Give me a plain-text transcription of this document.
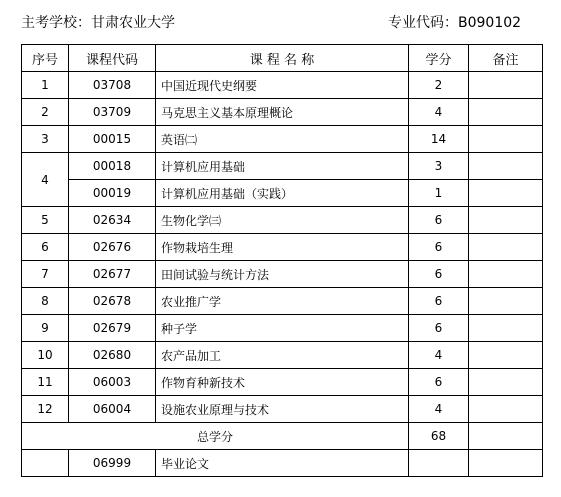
主考学校：甘肃农业大学	专业代码：B090102
序号	课程代码	课 程 名 称	学分	备注
1	03708	中国近现代史纲要	2	
2	03709	马克思主义基本原理概论	4	
3	00015	英语㈡	14	
4	00018	计算机应用基础	3	
	00019	计算机应用基础（实践）	1	
5	02634	生物化学㈢	6	
6	02676	作物栽培生理	6	
7	02677	田间试验与统计方法	6	
8	02678	农业推广学	6	
9	02679	种子学	6	
10	02680	农产品加工	4	
11	06003	作物育种新技术	6	
12	06004	设施农业原理与技术	4	
总学分			68	
	06999	毕业论文		
